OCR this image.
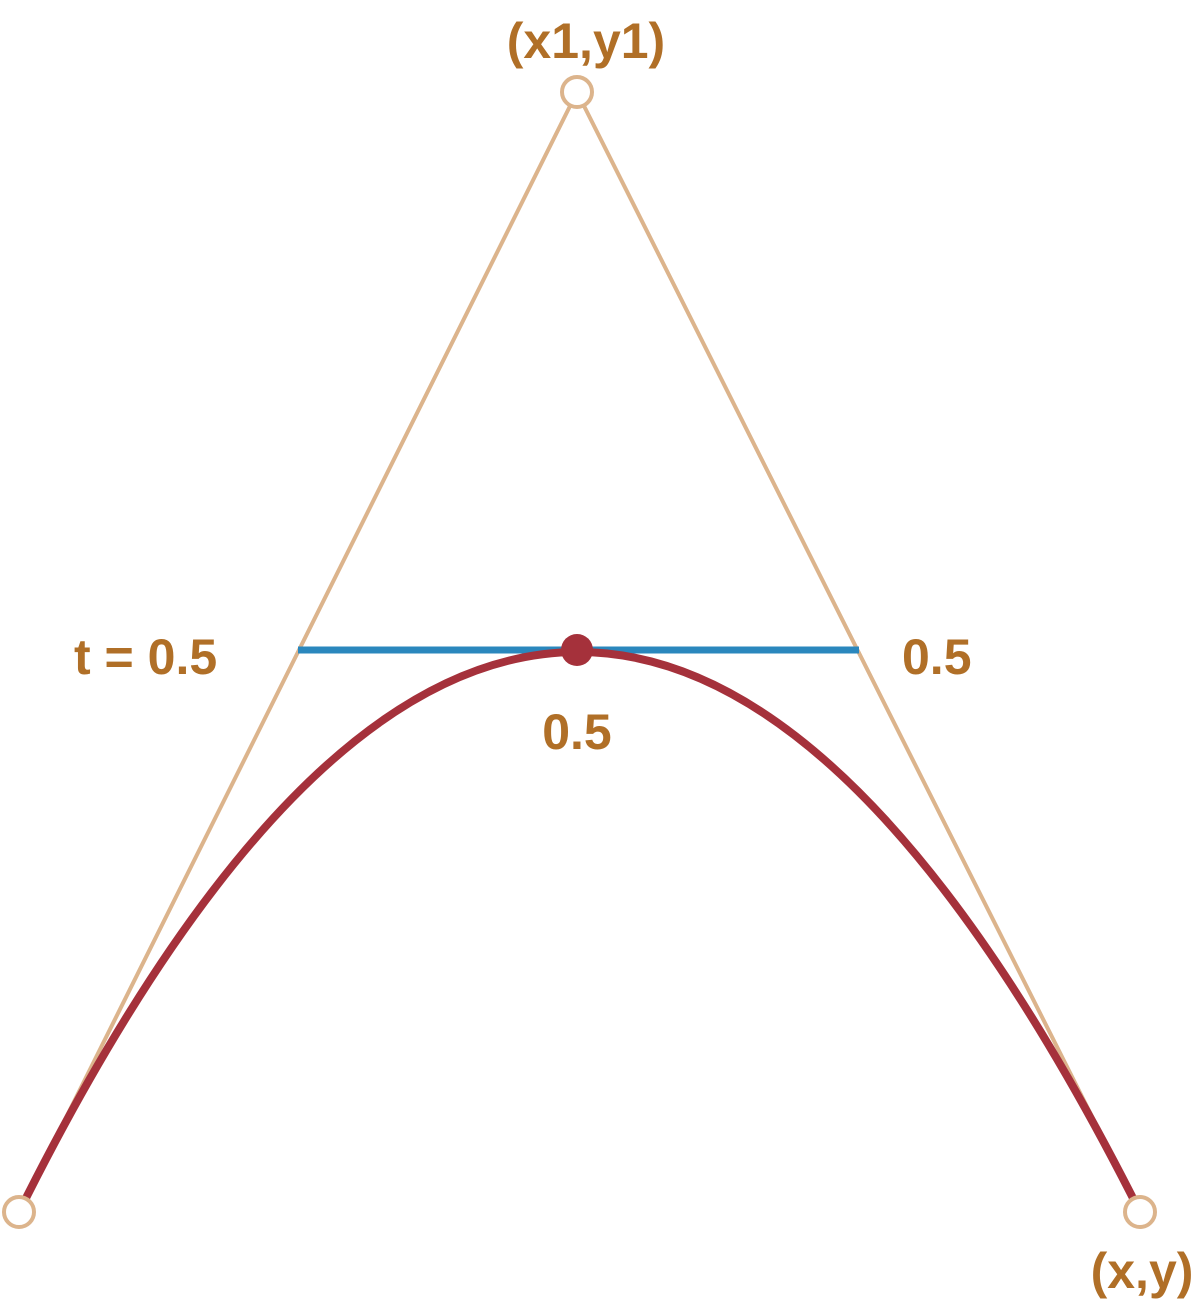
(x1,y1)
t = 0.5	0.5
0.5
(x,y)
